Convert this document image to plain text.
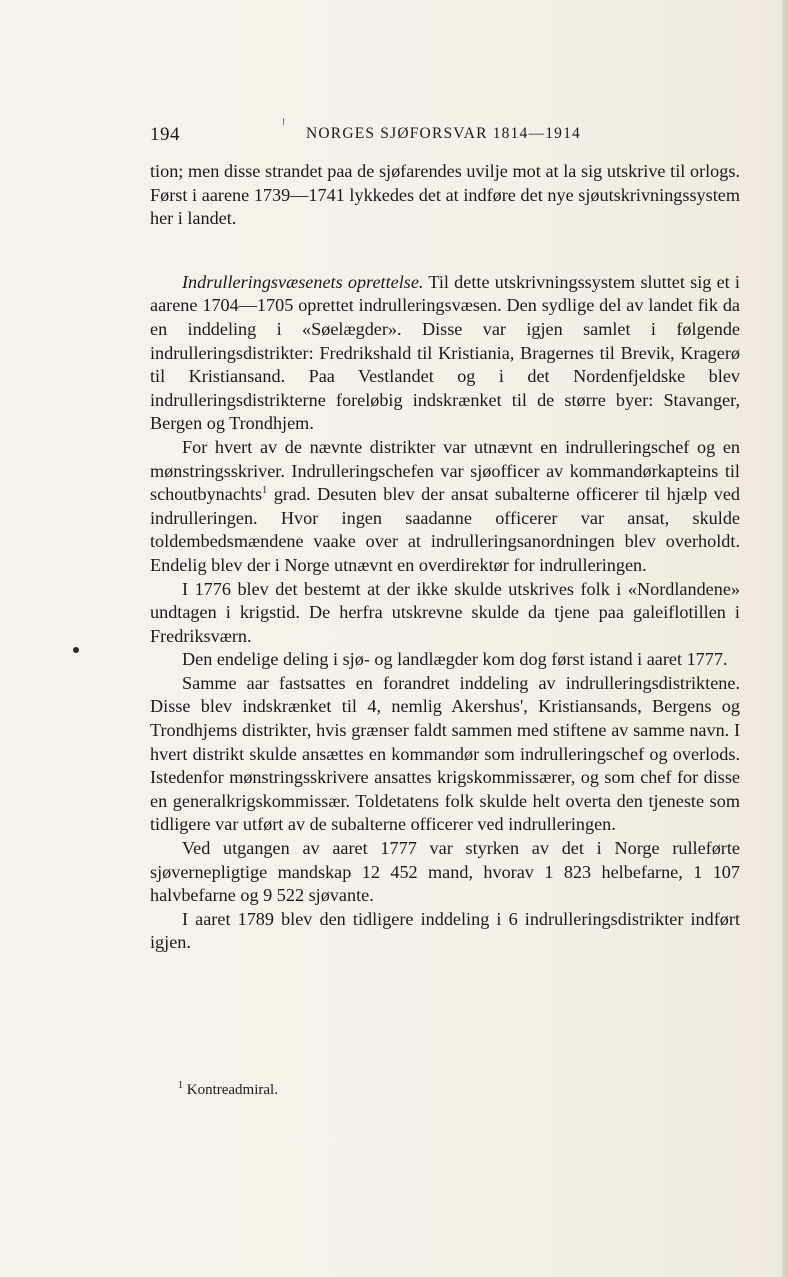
194	NORGES SJØFORSVAR 1814—1914

tion; men disse strandet paa de sjøfarendes uvilje mot at la sig utskrive til orlogs. Først i aarene 1739—1741 lykkedes det at indføre det nye sjøutskrivningssystem her i landet.

Indrulleringsvæsenets oprettelse. Til dette utskrivningssystem sluttet sig et i aarene 1704—1705 oprettet indrulleringsvæsen. Den sydlige del av landet fik da en inddeling i «Søelægder». Disse var igjen samlet i følgende indrulleringsdistrikter: Fredrikshald til Kristiania, Bragernes til Brevik, Kragerø til Kristiansand. Paa Vestlandet og i det Nordenfjeldske blev indrulleringsdistrikterne foreløbig indskrænket til de større byer: Stavanger, Bergen og Trondhjem.

For hvert av de nævnte distrikter var utnævnt en indrulleringschef og en mønstringsskriver. Indrulleringschefen var sjøofficer av kommandørkapteins til schoutbynachts$^1$ grad. Desuten blev der ansat subalterne officerer til hjælp ved indrulleringen. Hvor ingen saadanne officerer var ansat, skulde toldembedsmændene vaake over at indrulleringsanordningen blev overholdt. Endelig blev der i Norge utnævnt en overdirektør for indrulleringen.

I 1776 blev det bestemt at der ikke skulde utskrives folk i «Nordlandene» undtagen i krigstid. De herfra utskrevne skulde da tjene paa galeiflotillen i Fredriksværn.

Den endelige deling i sjø- og landlægder kom dog først istand i aaret 1777.

Samme aar fastsattes en forandret inddeling av indrulleringsdistriktene. Disse blev indskrænket til 4, nemlig Akershus', Kristiansands, Bergens og Trondhjems distrikter, hvis grænser faldt sammen med stiftene av samme navn. I hvert distrikt skulde ansættes en kommandør som indrulleringschef og overlods. Istedenfor mønstringsskrivere ansattes krigskommissærer, og som chef for disse en generalkrigskommissær. Toldetatens folk skulde helt overta den tjeneste som tidligere var utført av de subalterne officerer ved indrulleringen.

Ved utgangen av aaret 1777 var styrken av det i Norge rulleførte sjøvernepligtige mandskap 12 452 mand, hvorav 1 823 helbefarne, 1 107 halvbefarne og 9 522 sjøvante.

I aaret 1789 blev den tidligere inddeling i 6 indrulleringsdistrikter indført igjen.

$^1$ Kontreadmiral.
